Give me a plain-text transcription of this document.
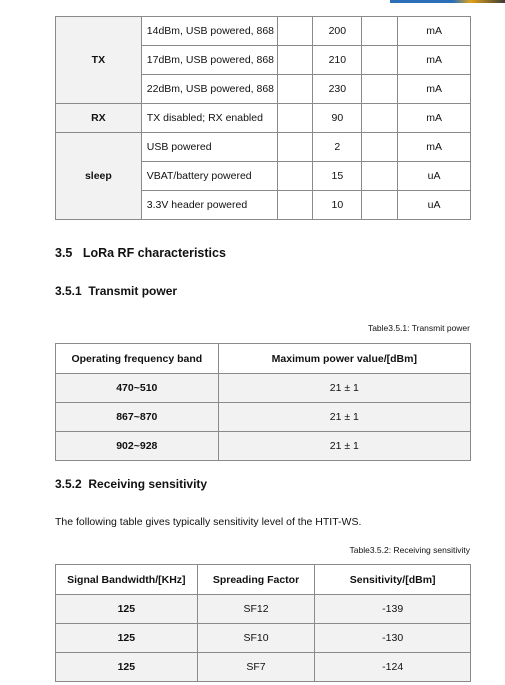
TX	14dBm, USB powered, 868		200		mA
	17dBm, USB powered, 868		210		mA
	22dBm, USB powered, 868		230		mA
RX	TX disabled; RX enabled		90		mA
sleep	USB powered		2		mA
	VBAT/battery powered		15		uA
	3.3V header powered		10		uA
3.5 LoRa RF characteristics
3.5.1 Transmit power
Table3.5.1: Transmit power
Operating frequency band	Maximum power value/[dBm]
470~510	21 ± 1
867~870	21 ± 1
902~928	21 ± 1
3.5.2 Receiving sensitivity
The following table gives typically sensitivity level of the HTIT-WS.
Table3.5.2: Receiving sensitivity
Signal Bandwidth/[KHz]	Spreading Factor	Sensitivity/[dBm]
125	SF12	-139
125	SF10	-130
125	SF7	-124
